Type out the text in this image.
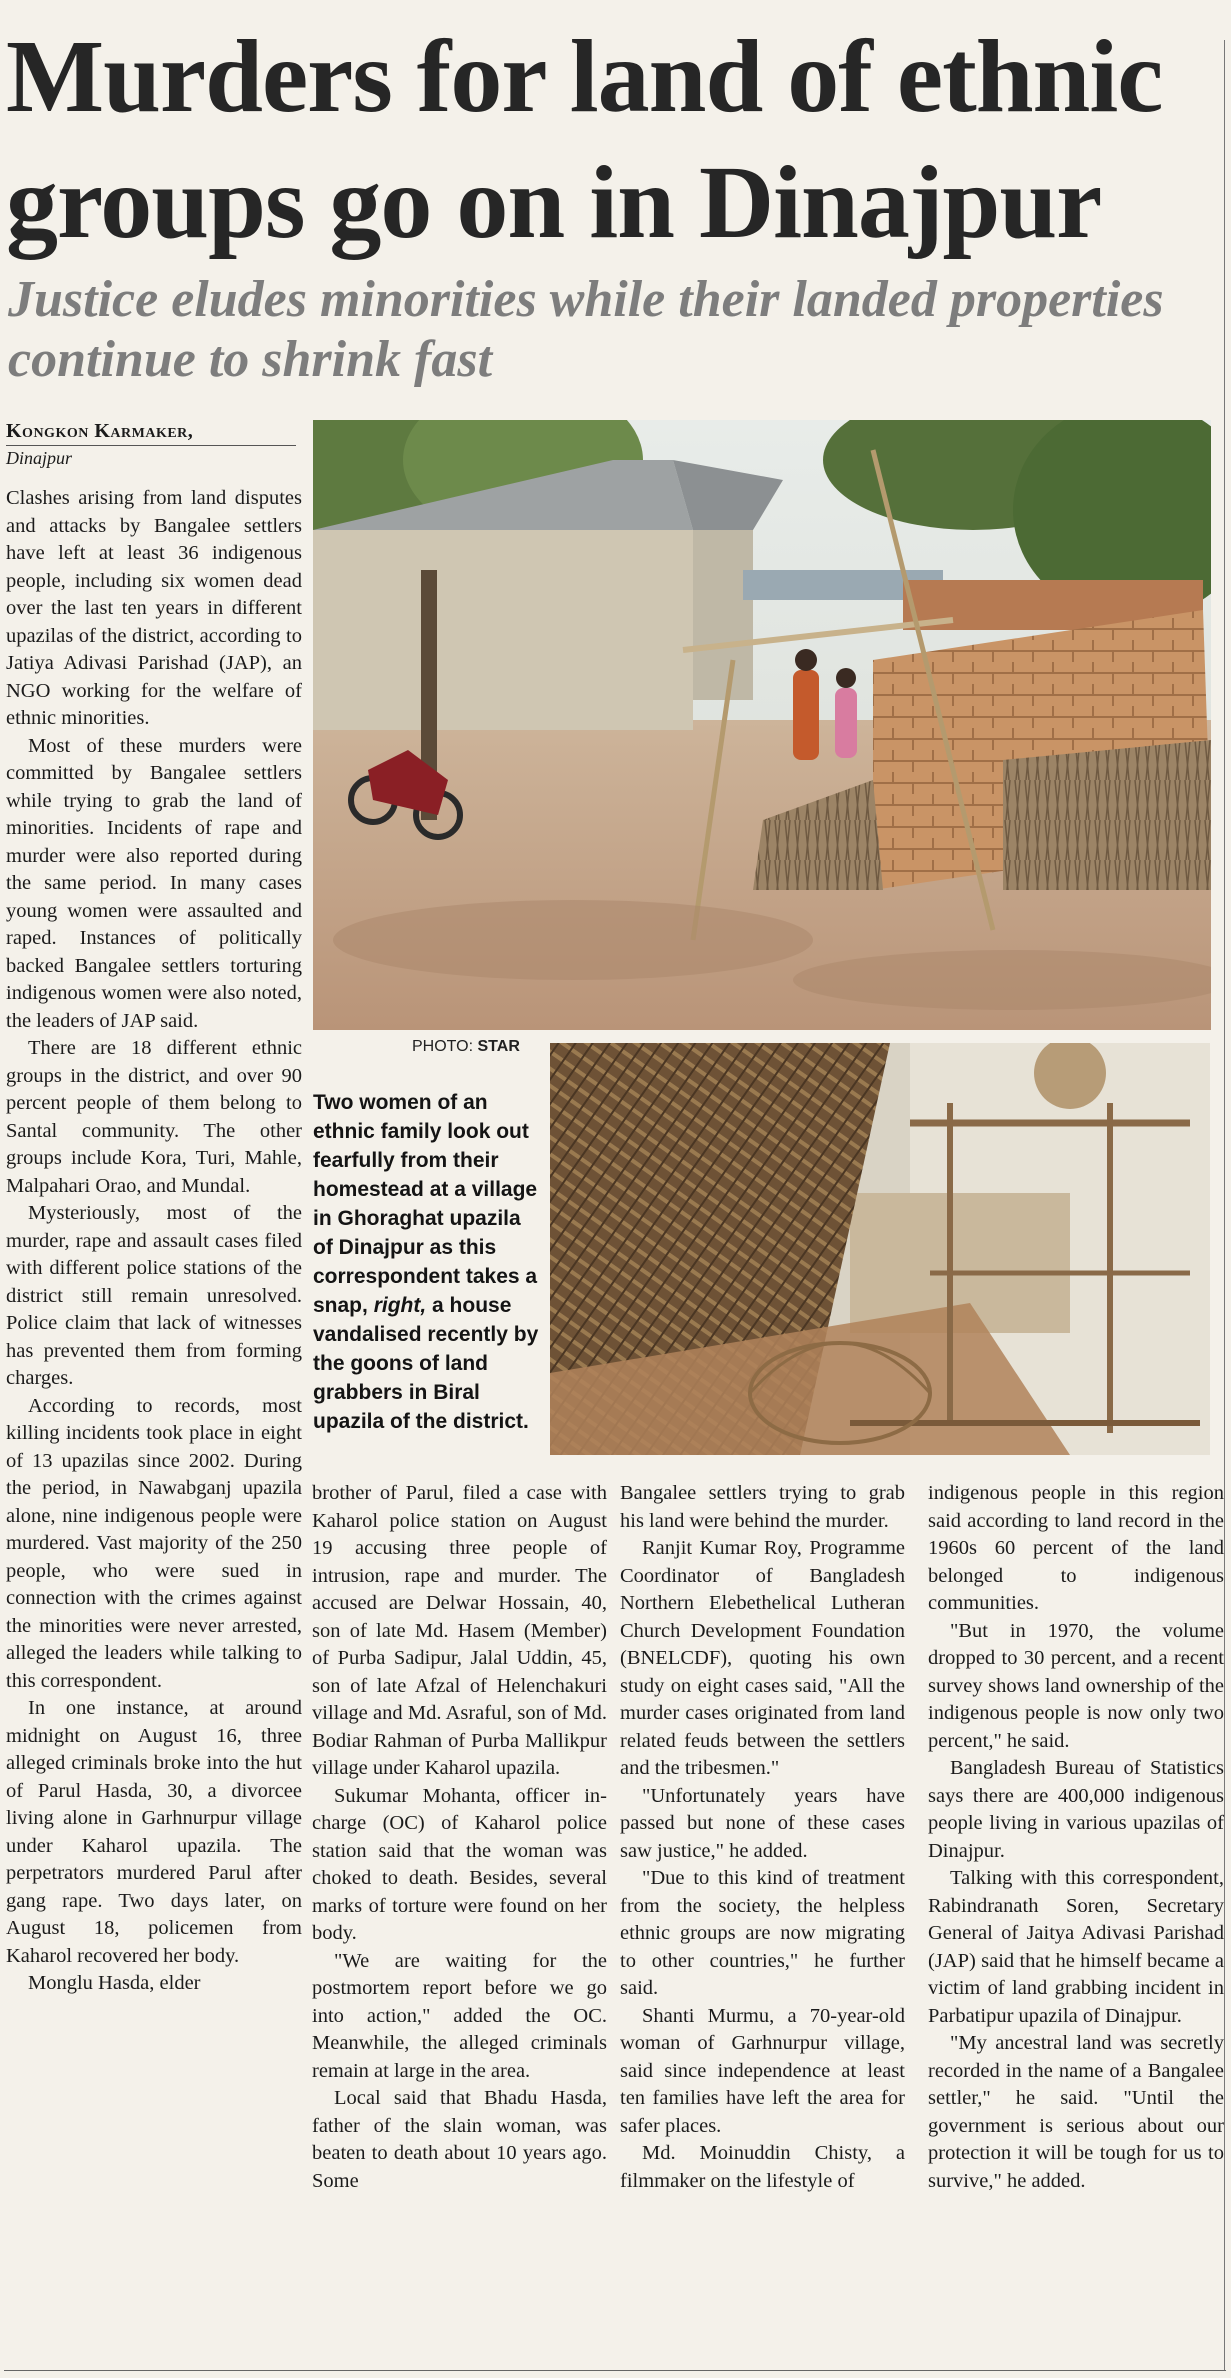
Murders for land of ethnic groups go on in Dinajpur
Justice eludes minorities while their landed properties continue to shrink fast
Kongkon Karmaker,
Dinajpur
PHOTO: STAR
Two women of an ethnic family look out fearfully from their homestead at a village in Ghoraghat upazila of Dinajpur as this correspondent takes a snap, right, a house vandalised recently by the goons of land grabbers in Biral upazila of the district.

Clashes arising from land disputes and attacks by Bangalee settlers have left at least 36 indigenous people, including six women dead over the last ten years in different upazilas of the district, according to Jatiya Adivasi Parishad (JAP), an NGO working for the welfare of ethnic minorities.

Most of these murders were committed by Bangalee settlers while trying to grab the land of minorities. Incidents of rape and murder were also reported during the same period. In many cases young women were assaulted and raped. Instances of politically backed Bangalee settlers torturing indigenous women were also noted, the leaders of JAP said.

There are 18 different ethnic groups in the district, and over 90 percent people of them belong to Santal community. The other groups include Kora, Turi, Mahle, Malpahari Orao, and Mundal.

Mysteriously, most of the murder, rape and assault cases filed with different police stations of the district still remain unresolved. Police claim that lack of witnesses has prevented them from forming charges.

According to records, most killing incidents took place in eight of 13 upazilas since 2002. During the period, in Nawabganj upazila alone, nine indigenous people were murdered. Vast majority of the 250 people, who were sued in connection with the crimes against the minorities were never arrested, alleged the leaders while talking to this correspondent.

In one instance, at around midnight on August 16, three alleged criminals broke into the hut of Parul Hasda, 30, a divorcee living alone in Garhnurpur village under Kaharol upazila. The perpetrators murdered Parul after gang rape. Two days later, on August 18, policemen from Kaharol recovered her body.

Monglu Hasda, elder

brother of Parul, filed a case with Kaharol police station on August 19 accusing three people of intrusion, rape and murder. The accused are Delwar Hossain, 40, son of late Md. Hasem (Member) of Purba Sadipur, Jalal Uddin, 45, son of late Afzal of Helenchakuri village and Md. Asraful, son of Md. Bodiar Rahman of Purba Mallikpur village under Kaharol upazila.

Sukumar Mohanta, officer in-charge (OC) of Kaharol police station said that the woman was choked to death. Besides, several marks of torture were found on her body.

"We are waiting for the postmortem report before we go into action," added the OC. Meanwhile, the alleged criminals remain at large in the area.

Local said that Bhadu Hasda, father of the slain woman, was beaten to death about 10 years ago. Some

Bangalee settlers trying to grab his land were behind the murder.

Ranjit Kumar Roy, Programme Coordinator of Bangladesh Northern Elebethelical Lutheran Church Development Foundation (BNELCDF), quoting his own study on eight cases said, "All the murder cases originated from land related feuds between the settlers and the tribesmen."

"Unfortunately years have passed but none of these cases saw justice," he added.

"Due to this kind of treatment from the society, the helpless ethnic groups are now migrating to other countries," he further said.

Shanti Murmu, a 70-year-old woman of Garhnurpur village, said since independence at least ten families have left the area for safer places.

Md. Moinuddin Chisty, a filmmaker on the lifestyle of

indigenous people in this region said according to land record in the 1960s 60 percent of the land belonged to indigenous communities.

"But in 1970, the volume dropped to 30 percent, and a recent survey shows land ownership of the indigenous people is now only two percent," he said.

Bangladesh Bureau of Statistics says there are 400,000 indigenous people living in various upazilas of Dinajpur.

Talking with this correspondent, Rabindranath Soren, Secretary General of Jaitya Adivasi Parishad (JAP) said that he himself became a victim of land grabbing incident in Parbatipur upazila of Dinajpur.

"My ancestral land was secretly recorded in the name of a Bangalee settler," he said. "Until the government is serious about our protection it will be tough for us to survive," he added.
